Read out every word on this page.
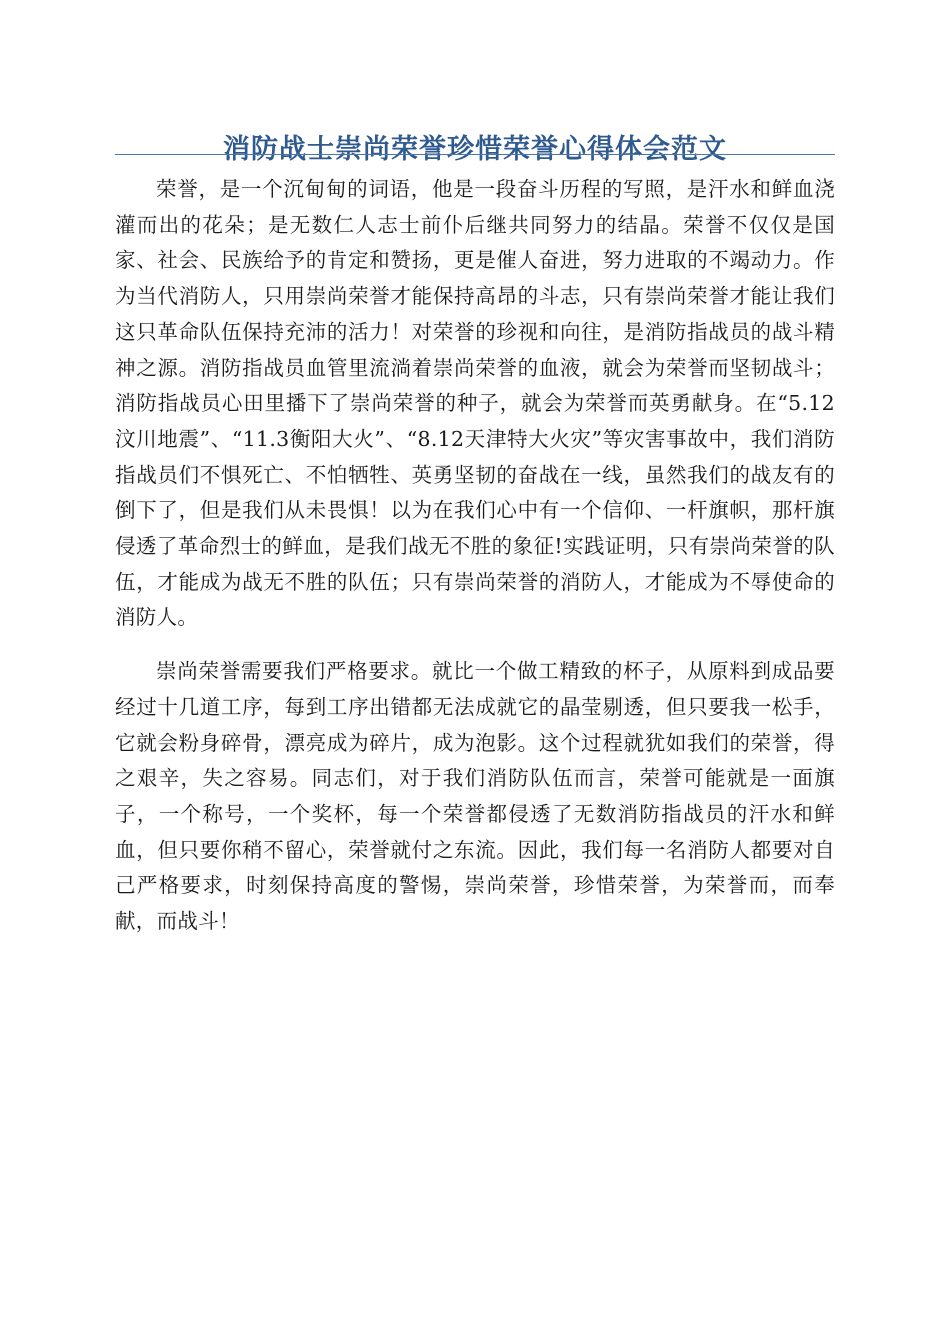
消防战士崇尚荣誉珍惜荣誉心得体会范文

荣誉，是一个沉甸甸的词语，他是一段奋斗历程的写照，是汗水和鲜血浇灌而出的花朵；是无数仁人志士前仆后继共同努力的结晶。荣誉不仅仅是国家、社会、民族给予的肯定和赞扬，更是催人奋进，努力进取的不竭动力。作为当代消防人，只用崇尚荣誉才能保持高昂的斗志，只有崇尚荣誉才能让我们这只革命队伍保持充沛的活力！对荣誉的珍视和向往，是消防指战员的战斗精神之源。消防指战员血管里流淌着崇尚荣誉的血液，就会为荣誉而坚韧战斗；消防指战员心田里播下了崇尚荣誉的种子，就会为荣誉而英勇献身。在“5.12汶川地震”、“11.3衡阳大火”、“8.12天津特大火灾”等灾害事故中，我们消防指战员们不惧死亡、不怕牺牲、英勇坚韧的奋战在一线，虽然我们的战友有的倒下了，但是我们从未畏惧！以为在我们心中有一个信仰、一杆旗帜，那杆旗侵透了革命烈士的鲜血，是我们战无不胜的象征!实践证明，只有崇尚荣誉的队伍，才能成为战无不胜的队伍；只有崇尚荣誉的消防人，才能成为不辱使命的消防人。

崇尚荣誉需要我们严格要求。就比一个做工精致的杯子，从原料到成品要经过十几道工序，每到工序出错都无法成就它的晶莹剔透，但只要我一松手，它就会粉身碎骨，漂亮成为碎片，成为泡影。这个过程就犹如我们的荣誉，得之艰辛，失之容易。同志们，对于我们消防队伍而言，荣誉可能就是一面旗子，一个称号，一个奖杯，每一个荣誉都侵透了无数消防指战员的汗水和鲜血，但只要你稍不留心，荣誉就付之东流。因此，我们每一名消防人都要对自己严格要求，时刻保持高度的警惕，崇尚荣誉，珍惜荣誉，为荣誉而，而奉献，而战斗！
